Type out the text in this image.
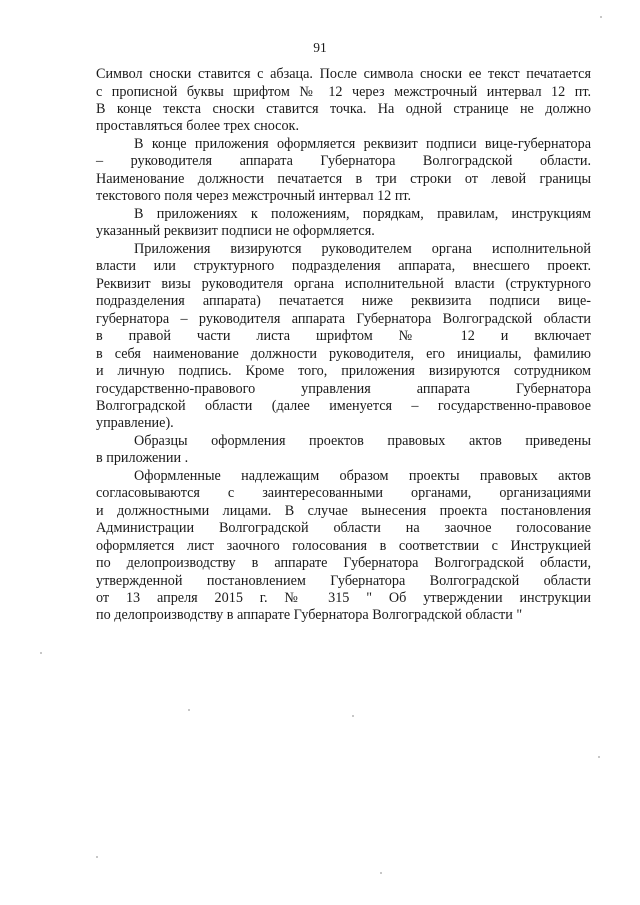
91
Символ сноски ставится с абзаца. После символа сноски ее текст печатается
с прописной буквы шрифтом № 12 через межстрочный интервал 12 пт.
В конце текста сноски ставится точка. На одной странице не должно
проставляться более трех сносок.
В конце приложения оформляется реквизит подписи вице-губернатора
– руководителя аппарата Губернатора Волгоградской области.
Наименование должности печатается в три строки от левой границы
текстового поля через межстрочный интервал 12 пт.
В приложениях к положениям, порядкам, правилам, инструкциям
указанный реквизит подписи не оформляется.
Приложения визируются руководителем органа исполнительной
власти или структурного подразделения аппарата, внесшего проект.
Реквизит визы руководителя органа исполнительной власти (структурного
подразделения аппарата) печатается ниже реквизита подписи вице-
губернатора – руководителя аппарата Губернатора Волгоградской области
в правой части листа шрифтом № 12 и включает
в себя наименование должности руководителя, его инициалы, фамилию
и личную подпись. Кроме того, приложения визируются сотрудником
государственно-правового управления аппарата Губернатора
Волгоградской области (далее именуется – государственно-правовое
управление).
Образцы оформления проектов правовых актов приведены
в приложении .
Оформленные надлежащим образом проекты правовых актов
согласовываются с заинтересованными органами, организациями
и должностными лицами. В случае вынесения проекта постановления
Администрации Волгоградской области на заочное голосование
оформляется лист заочного голосования в соответствии с Инструкцией
по делопроизводству в аппарате Губернатора Волгоградской области,
утвержденной постановлением Губернатора Волгоградской области
от 13 апреля 2015 г. № 315 " Об утверждении инструкции
по делопроизводству в аппарате Губернатора Волгоградской области "
